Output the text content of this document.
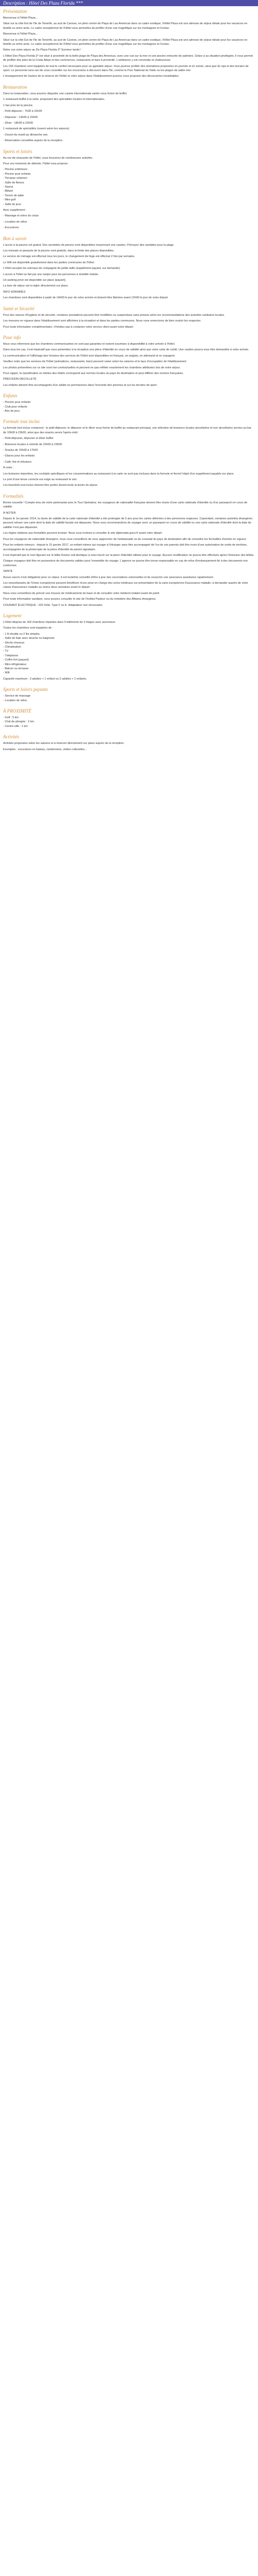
Description : Hôtel Des Plaza Florida ***
Présentation

Bienvenue à l'Hôtel Plaza...

Situé sur la côte Est de l'île de Tenerife, au sud de Cannes, en plein centre de Playa de Las Americas dans un cadre exotique, l'Hôtel Plaza est une adresse de séjour idéale pour les vacances en famille ou entre amis. Le cadre exceptionnel de l'Hôtel vous permettra de profiter d'une vue magnifique sur les montagnes et l'océan.

Bienvenue à l'Hôtel Plaza...

Situé sur la côte Est de l'île de Tenerife, au sud de Cannes, en plein centre de Playa de Las Americas dans un cadre exotique, l'Hôtel Plaza est une adresse de séjour idéale pour les vacances en famille ou entre amis. Le cadre exceptionnel de l'Hôtel vous permettra de profiter d'une vue magnifique sur les montagnes et l'océan.

Notre vue notre séjour au De Plaza Florida 3* Summer lambi !

L'Hôtel Des Plaza Florida 3* est situé à proximité de la belle plage de Playa des Americas, avec une vue sur la mer et une piscine entourée de palmiers. Grâce à sa situation privilégiée, il vous permet de profiter des joies de la Costa Adeje et des commerces, restaurants et bars à proximité. L'ambiance y est conviviale et chaleureuse.

Les 169 chambres sont équipées de tout le confort nécessaire pour un agréable séjour. Vous pourrez profiter des animations proposées en journée et en soirée, ainsi que du spa et des terrains de sport. Le personnel sera ravi de vous conseiller sur les excursions à découvrir dans l'île, comme le Parc National du Teide ou les plages de sable noir.

L'enseignement de l'auteur de la réserve de l'Hôtel et votre séjour dans l'établissement pourrez vous proposer des découvertes inoubliables.

Restauration

Dans la restauration, vous pourrez déguster une cuisine internationale variée sous forme de buffet.

1 restaurant buffet à la carte, proposant des spécialités locales et internationales.

1 bar près de la piscine.

- Petit déjeuner : 7h30 à 10h30

- Déjeuner : 13h00 à 15h00

- Dîner : 18h30 à 22h00

1 restaurant de spécialités (ouvert selon les saisons)

- Ouvert du mardi au dimanche soir.

- Réservation conseillée auprès de la réception.

Sports et loisirs

Au rez-de-chaussée de l'hôtel, vous trouverez de nombreuses activités.

Pour vos moments de détente, l'hôtel vous propose :

- Piscine extérieure
- Piscine pour enfants
- Terrasse solarium
- Salle de fitness
- Sauna
- Billard
- Tennis de table
- Mini-golf
- Salle de jeux

Avec supplément :

- Massage et soins du corps

- Location de vélos

- Excursions

Bon à savoir

L'accès à la piscine est gratuit. Des serviettes de piscine sont disponibles moyennant une caution. Prévoyez des sandales pour la plage.

Les transats et parasols de la piscine sont gratuits, dans la limite des places disponibles.

Le service de ménage est effectué tous les jours, le changement de linge est effectué 2 fois par semaine.

Le Wifi est disponible gratuitement dans les parties communes de l'hôtel.

L'hôtel accepte les animaux de compagnie de petite taille (supplément payant, sur demande).

L'accès à l'hôtel se fait par une rampe pour les personnes à mobilité réduite.

Un parking privé est disponible sur place (payant).

La taxe de séjour est à régler directement sur place.

INFO HORAIRES

Les chambres sont disponibles à partir de 14h00 le jour de votre arrivée et doivent être libérées avant 12h00 le jour de votre départ.

Santé et Sécurité

Pour des raisons d'hygiène et de sécurité, certaines prestations peuvent être modifiées ou suspendues sans préavis selon les recommandations des autorités sanitaires locales.

Les mesures en vigueur dans l'établissement sont affichées à la réception et dans les parties communes. Nous vous remercions de bien vouloir les respecter.

Pour toute information complémentaire, n'hésitez pas à contacter notre service client avant votre départ.

Pour info

Nous vous informons que les chambres communicantes ne sont pas garanties et restent soumises à disponibilité à votre arrivée à l'hôtel.

Dans tous les cas, il est impératif que vous présentiez à la réception une pièce d'identité en cours de validité ainsi que votre carte de crédit. Une caution pourra vous être demandée à votre arrivée.

La communication et l'affichage des horaires des services de l'hôtel sont disponibles en français, en anglais, en allemand et en espagnol.

Veuillez noter que les services de l'hôtel (animations, restaurants, bars) peuvent varier selon les saisons et le taux d'occupation de l'établissement.

Les photos présentées sur ce site sont non contractuelles et peuvent ne pas refléter exactement les chambres attribuées lors de votre séjour.

Pour rappel, la classification en étoiles des hôtels correspond aux normes locales du pays de destination et peut différer des normes françaises.

PRÉCISION DÉCOLLETÉ

Les enfants doivent être accompagnés d'un adulte en permanence dans l'enceinte des piscines et sur les terrains de sport.

Enfants
- Piscine pour enfants
- Club pour enfants
- Aire de jeux
Formule tout inclus

La formule tout inclus comprend : le petit-déjeuner, le déjeuner et le dîner sous forme de buffet au restaurant principal, une sélection de boissons locales alcoolisées et non alcoolisées servies au bar de 10h00 à 23h00, ainsi que des snacks servis l'après-midi.

- Petit-déjeuner, déjeuner et dîner buffet

- Boissons locales à volonté de 10h00 à 23h00

- Snacks de 15h00 à 17h00

- Glaces pour les enfants

- Café, thé et infusions

À noter :

Les boissons importées, les cocktails spécifiques et les consommations au restaurant à la carte ne sont pas incluses dans la formule et feront l'objet d'un supplément payable sur place.

Le port d'une tenue correcte est exigé au restaurant le soir.

Les bracelets tout inclus doivent être portés durant toute la durée du séjour.

Formalités

Bonne nouvelle ! Compte tenu de notre partenariat avec le Tour Opérateur, les voyageurs de nationalité française doivent être munis d'une carte nationale d'identité ou d'un passeport en cours de validité.

À NOTER

Depuis le 1er janvier 2014, la durée de validité de la carte nationale d'identité a été prolongée de 5 ans pour les cartes délivrées à des personnes majeures. Cependant, certaines autorités étrangères peuvent refuser une carte dont la date de validité faciale est dépassée. Nous vous recommandons de voyager avec un passeport en cours de validité ou une carte nationale d'identité dont la date de validité n'est pas dépassée.

Les règles relatives aux formalités peuvent évoluer. Nous vous invitons à consulter le site diplomatie.gouv.fr avant votre départ.

Pour les voyageurs de nationalité étrangère, nous vous conseillons de vous rapprocher de l'ambassade ou du consulat du pays de destination afin de connaître les formalités d'entrée en vigueur.

Pour les enfants mineurs : depuis le 15 janvier 2017, un enfant mineur qui voyage à l'étranger sans être accompagné de l'un de ses parents doit être muni d'une autorisation de sortie de territoire, accompagnée de la photocopie de la pièce d'identité du parent signataire.

Il est impératif que le nom figurant sur le billet d'avion soit identique à celui inscrit sur la pièce d'identité utilisée pour le voyage. Aucune modification ne pourra être effectuée après l'émission des billets.

Chaque voyageur doit être en possession de documents valides pour l'ensemble du voyage. L'agence ne pourra être tenue responsable en cas de refus d'embarquement lié à des documents non conformes.

SANTÉ

Aucun vaccin n'est obligatoire pour ce séjour. Il est toutefois conseillé d'être à jour des vaccinations universelles et de souscrire une assurance assistance rapatriement.

Les ressortissants de l'Union européenne peuvent bénéficier d'une prise en charge des soins médicaux sur présentation de la carte européenne d'assurance maladie, à demander auprès de votre caisse d'assurance maladie au moins deux semaines avant le départ.

Nous vous conseillons de prévoir une trousse de médicaments de base et de consulter votre médecin traitant avant de partir.

Pour toute information sanitaire, vous pouvez consulter le site de l'Institut Pasteur ou du ministère des Affaires étrangères.

COURANT ÉLECTRIQUE : 220 Volts. Type F ou E. Adaptateur non nécessaire.

Logement

L'hôtel dispose de 169 chambres réparties dans 5 bâtiments de 3 étages avec ascenseur.

Toutes les chambres sont équipées de :

- 1 lit double ou 2 lits simples
- Salle de bain avec douche ou baignoire
- Sèche-cheveux
- Climatisation
- TV
- Téléphone
- Coffre-fort (payant)
- Mini-réfrigérateur
- Balcon ou terrasse
- Wifi

Capacité maximum : 3 adultes + 1 enfant ou 2 adultes + 2 enfants.

Sports et loisirs payants
- Service de massage
- Location de vélos
À PROXIMITÉ
- Golf : 5 km
- Club de plongée : 2 km
- Centre-ville : 1 km
Activités

Activités proposées selon les saisons et à réserver directement sur place auprès de la réception.

Exemples : excursions en bateau, randonnées, visites culturelles...
